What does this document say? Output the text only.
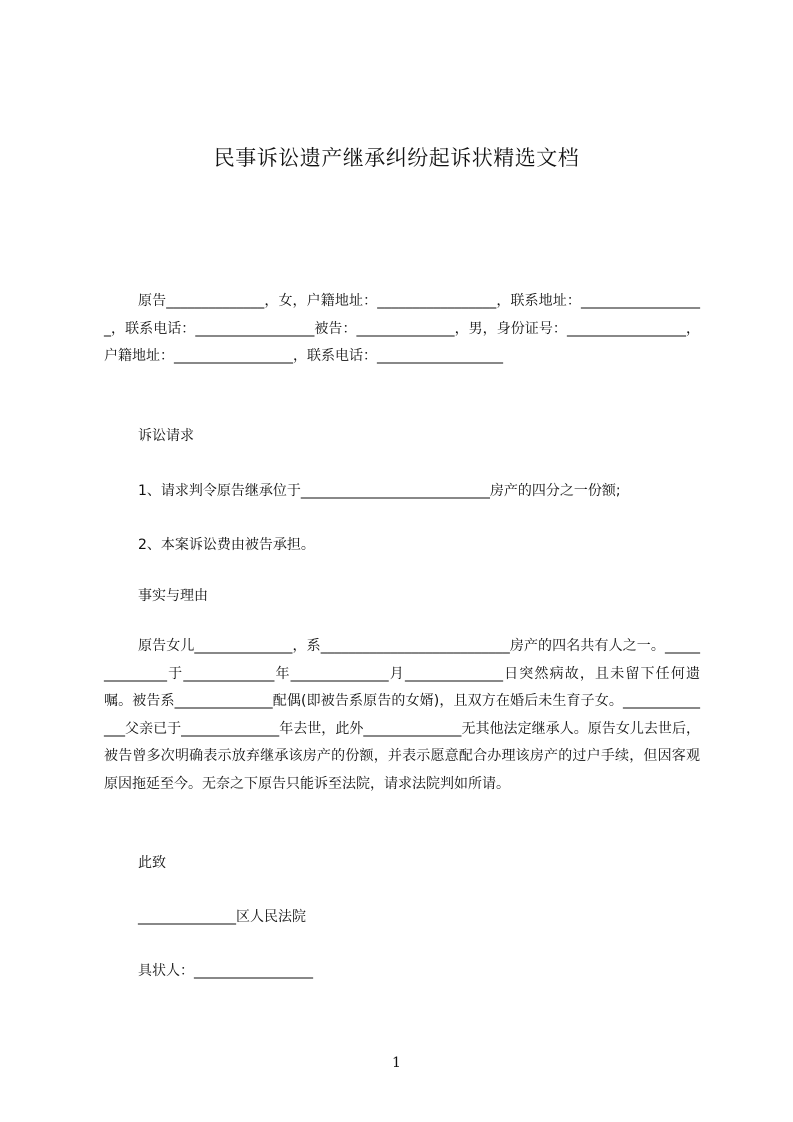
民事诉讼遗产继承纠纷起诉状精选文档

原告______________，女，户籍地址：_________________，联系地址：__________________，联系电话：_________________被告：______________，男，身份证号：_________________，户籍地址：_________________，联系电话：__________________

诉讼请求

1、请求判令原告继承位于___________________________房产的四分之一份额;

2、本案诉讼费由被告承担。

事实与理由

原告女儿______________，系___________________________房产的四名共有人之一。______________于_____________年______________月______________日突然病故，且未留下任何遗嘱。被告系______________配偶(即被告系原告的女婿)，且双方在婚后未生育子女。______________父亲已于______________年去世，此外______________无其他法定继承人。原告女儿去世后，被告曾多次明确表示放弃继承该房产的份额，并表示愿意配合办理该房产的过户手续，但因客观原因拖延至今。无奈之下原告只能诉至法院，请求法院判如所请。

此致

______________区人民法院

具状人：_________________

1
